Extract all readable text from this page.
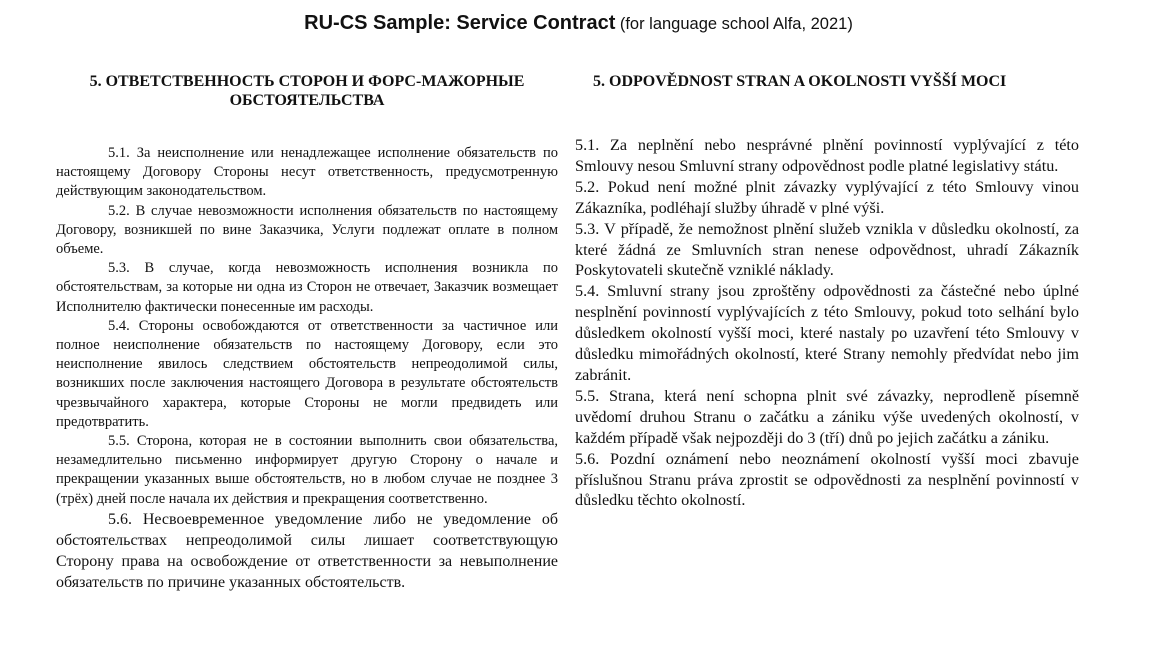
RU-CS Sample: Service Contract (for language school Alfa, 2021)
5. ОТВЕТСТВЕННОСТЬ СТОРОН И ФОРС-МАЖОРНЫЕ ОБСТОЯТЕЛЬСТВА

5.1. За неисполнение или ненадлежащее исполнение обязательств по настоящему Договору Стороны несут ответственность, предусмотренную действующим законодательством.

5.2. В случае невозможности исполнения обязательств по настоящему Договору, возникшей по вине Заказчика, Услуги подлежат оплате в полном объеме.

5.3. В случае, когда невозможность исполнения возникла по обстоятельствам, за которые ни одна из Сторон не отвечает, Заказчик возмещает Исполнителю фактически понесенные им расходы.

5.4. Стороны освобождаются от ответственности за частичное или полное неисполнение обязательств по настоящему Договору, если это неисполнение явилось следствием обстоятельств непреодолимой силы, возникших после заключения настоящего Договора в результате обстоятельств чрезвычайного характера, которые Стороны не могли предвидеть или предотвратить.

5.5. Сторона, которая не в состоянии выполнить свои обязательства, незамедлительно письменно информирует другую Сторону о начале и прекращении указанных выше обстоятельств, но в любом случае не позднее 3 (трёх) дней после начала их действия и прекращения соответственно.

5.6. Несвоевременное уведомление либо не уведомление об обстоятельствах непреодолимой силы лишает соответствующую Сторону права на освобождение от ответственности за невыполнение обязательств по причине указанных обстоятельств.

5. ODPOVĚDNOST STRAN A OKOLNOSTI VYŠŠÍ MOCI

5.1. Za neplnění nebo nesprávné plnění povinností vyplývající z této Smlouvy nesou Smluvní strany odpovědnost podle platné legislativy státu.

5.2. Pokud není možné plnit závazky vyplývající z této Smlouvy vinou Zákazníka, podléhají služby úhradě v plné výši.

5.3. V případě, že nemožnost plnění služeb vznikla v důsledku okolností, za které žádná ze Smluvních stran nenese odpovědnost, uhradí Zákazník Poskytovateli skutečně vzniklé náklady.

5.4. Smluvní strany jsou zproštěny odpovědnosti za částečné nebo úplné nesplnění povinností vyplývajících z této Smlouvy, pokud toto selhání bylo důsledkem okolností vyšší moci, které nastaly po uzavření této Smlouvy v důsledku mimořádných okolností, které Strany nemohly předvídat nebo jim zabránit.

5.5. Strana, která není schopna plnit své závazky, neprodleně písemně uvědomí druhou Stranu o začátku a zániku výše uvedených okolností, v každém případě však nejpozději do 3 (tří) dnů po jejich začátku a zániku.

5.6. Pozdní oznámení nebo neoznámení okolností vyšší moci zbavuje příslušnou Stranu práva zprostit se odpovědnosti za nesplnění povinností v důsledku těchto okolností.
